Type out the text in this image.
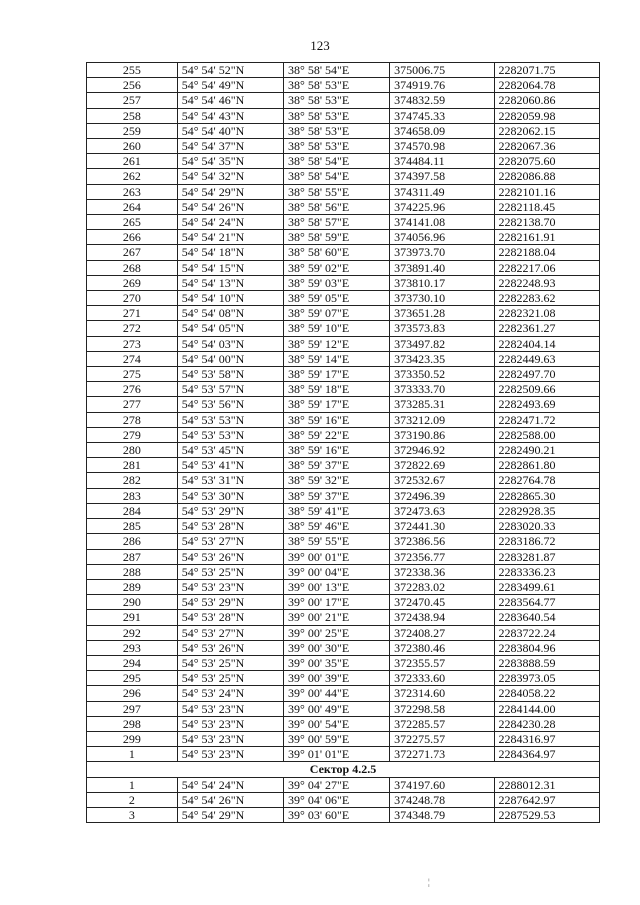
123
255	54° 54' 52"N	38° 58' 54"E	375006.75	2282071.75
256	54° 54' 49"N	38° 58' 53"E	374919.76	2282064.78
257	54° 54' 46"N	38° 58' 53"E	374832.59	2282060.86
258	54° 54' 43"N	38° 58' 53"E	374745.33	2282059.98
259	54° 54' 40"N	38° 58' 53"E	374658.09	2282062.15
260	54° 54' 37"N	38° 58' 53"E	374570.98	2282067.36
261	54° 54' 35"N	38° 58' 54"E	374484.11	2282075.60
262	54° 54' 32"N	38° 58' 54"E	374397.58	2282086.88
263	54° 54' 29"N	38° 58' 55"E	374311.49	2282101.16
264	54° 54' 26"N	38° 58' 56"E	374225.96	2282118.45
265	54° 54' 24"N	38° 58' 57"E	374141.08	2282138.70
266	54° 54' 21"N	38° 58' 59"E	374056.96	2282161.91
267	54° 54' 18"N	38° 58' 60"E	373973.70	2282188.04
268	54° 54' 15"N	38° 59' 02"E	373891.40	2282217.06
269	54° 54' 13"N	38° 59' 03"E	373810.17	2282248.93
270	54° 54' 10"N	38° 59' 05"E	373730.10	2282283.62
271	54° 54' 08"N	38° 59' 07"E	373651.28	2282321.08
272	54° 54' 05"N	38° 59' 10"E	373573.83	2282361.27
273	54° 54' 03"N	38° 59' 12"E	373497.82	2282404.14
274	54° 54' 00"N	38° 59' 14"E	373423.35	2282449.63
275	54° 53' 58"N	38° 59' 17"E	373350.52	2282497.70
276	54° 53' 57"N	38° 59' 18"E	373333.70	2282509.66
277	54° 53' 56"N	38° 59' 17"E	373285.31	2282493.69
278	54° 53' 53"N	38° 59' 16"E	373212.09	2282471.72
279	54° 53' 53"N	38° 59' 22"E	373190.86	2282588.00
280	54° 53' 45"N	38° 59' 16"E	372946.92	2282490.21
281	54° 53' 41"N	38° 59' 37"E	372822.69	2282861.80
282	54° 53' 31"N	38° 59' 32"E	372532.67	2282764.78
283	54° 53' 30"N	38° 59' 37"E	372496.39	2282865.30
284	54° 53' 29"N	38° 59' 41"E	372473.63	2282928.35
285	54° 53' 28"N	38° 59' 46"E	372441.30	2283020.33
286	54° 53' 27"N	38° 59' 55"E	372386.56	2283186.72
287	54° 53' 26"N	39° 00' 01"E	372356.77	2283281.87
288	54° 53' 25"N	39° 00' 04"E	372338.36	2283336.23
289	54° 53' 23"N	39° 00' 13"E	372283.02	2283499.61
290	54° 53' 29"N	39° 00' 17"E	372470.45	2283564.77
291	54° 53' 28"N	39° 00' 21"E	372438.94	2283640.54
292	54° 53' 27"N	39° 00' 25"E	372408.27	2283722.24
293	54° 53' 26"N	39° 00' 30"E	372380.46	2283804.96
294	54° 53' 25"N	39° 00' 35"E	372355.57	2283888.59
295	54° 53' 25"N	39° 00' 39"E	372333.60	2283973.05
296	54° 53' 24"N	39° 00' 44"E	372314.60	2284058.22
297	54° 53' 23"N	39° 00' 49"E	372298.58	2284144.00
298	54° 53' 23"N	39° 00' 54"E	372285.57	2284230.28
299	54° 53' 23"N	39° 00' 59"E	372275.57	2284316.97
1	54° 53' 23"N	39° 01' 01"E	372271.73	2284364.97
Сектор 4.2.5				
1	54° 54' 24"N	39° 04' 27"E	374197.60	2288012.31
2	54° 54' 26"N	39° 04' 06"E	374248.78	2287642.97
3	54° 54' 29"N	39° 03' 60"E	374348.79	2287529.53
¦
